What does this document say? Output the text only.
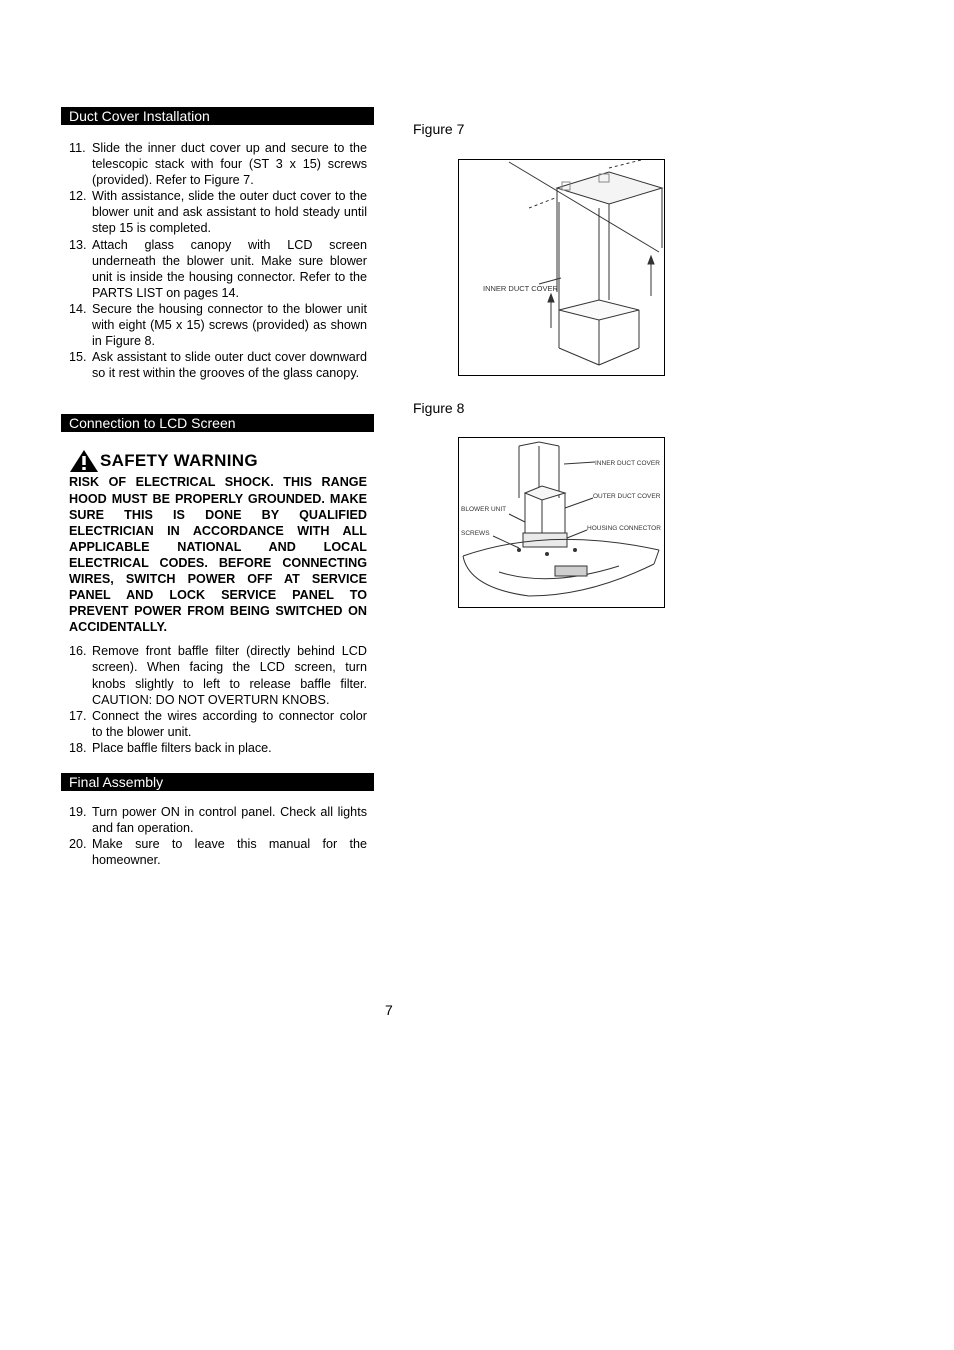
Duct Cover Installation
11. Slide the inner duct cover up and secure to the telescopic stack with four (ST 3 x 15) screws (provided). Refer to Figure 7.
12. With assistance, slide the outer duct cover to the blower unit and ask assistant to hold steady until step 15 is completed.
13. Attach glass canopy with LCD screen underneath the blower unit. Make sure blower unit is inside the housing connector. Refer to the PARTS LIST on pages 14.
14. Secure the housing connector to the blower unit with eight (M5 x 15) screws (provided) as shown in Figure 8.
15. Ask assistant to slide outer duct cover downward so it rest within the grooves of the glass canopy.
Connection to LCD Screen
SAFETY WARNING
RISK OF ELECTRICAL SHOCK. THIS RANGE HOOD MUST BE PROPERLY GROUNDED. MAKE SURE THIS IS DONE BY QUALIFIED ELECTRICIAN IN ACCORDANCE WITH ALL APPLICABLE NATIONAL AND LOCAL ELECTRICAL CODES. BEFORE CONNECTING WIRES, SWITCH POWER OFF AT SERVICE PANEL AND LOCK SERVICE PANEL TO PREVENT POWER FROM BEING SWITCHED ON ACCIDENTALLY.
16. Remove front baffle filter (directly behind LCD screen). When facing the LCD screen, turn knobs slightly to left to release baffle filter. CAUTION: DO NOT OVERTURN KNOBS.
17. Connect the wires according to connector color to the blower unit.
18. Place baffle filters back in place.
Final Assembly
19. Turn power ON in control panel. Check all lights and fan operation.
20. Make sure to leave this manual for the homeowner.
Figure 7
INNER DUCT COVER
Figure 8
INNER DUCT COVER
OUTER DUCT COVER
BLOWER UNIT
SCREWS
HOUSING CONNECTOR
7
